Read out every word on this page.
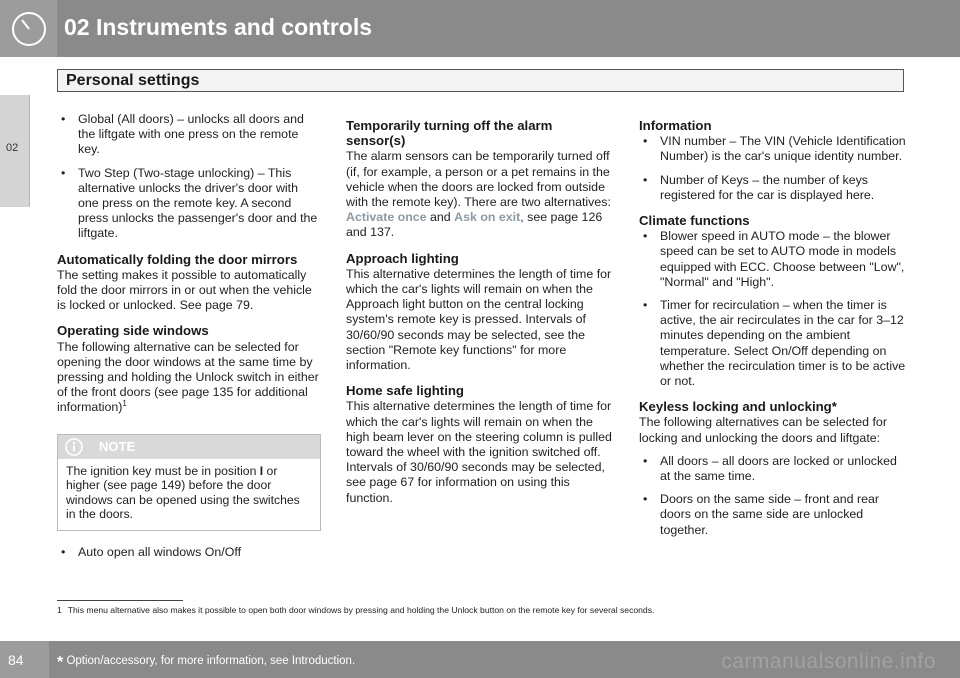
02 Instruments and controls
Personal settings
02
• Global (All doors) – unlocks all doors and the liftgate with one press on the remote key.
• Two Step (Two-stage unlocking) – This alternative unlocks the driver's door with one press on the remote key. A second press unlocks the passenger's door and the liftgate.
Automatically folding the door mirrors

The setting makes it possible to automatically fold the door mirrors in or out when the vehicle is locked or unlocked. See page 79.

Operating side windows

The following alternative can be selected for opening the door windows at the same time by pressing and holding the Unlock switch in either of the front doors (see page 135 for additional information)$^1$

NOTE
The ignition key must be in position I or higher (see page 149) before the door windows can be opened using the switches in the doors.
• Auto open all windows On/Off
Temporarily turning off the alarm sensor(s)

The alarm sensors can be temporarily turned off (if, for example, a person or a pet remains in the vehicle when the doors are locked from outside with the remote key). There are two alternatives: Activate once and Ask on exit, see page 126 and 137.

Approach lighting

This alternative determines the length of time for which the car's lights will remain on when the Approach light button on the central locking system's remote key is pressed. Intervals of 30/60/90 seconds may be selected, see the section "Remote key functions" for more information.

Home safe lighting

This alternative determines the length of time for which the car's lights will remain on when the high beam lever on the steering column is pulled toward the wheel with the ignition switched off. Intervals of 30/60/90 seconds may be selected, see page 67 for information on using this function.

Information
• VIN number – The VIN (Vehicle Identification Number) is the car's unique identity number.
• Number of Keys – the number of keys registered for the car is displayed here.
Climate functions
• Blower speed in AUTO mode – the blower speed can be set to AUTO mode in models equipped with ECC. Choose between "Low", "Normal" and "High".
• Timer for recirculation – when the timer is active, the air recirculates in the car for 3–12 minutes depending on the ambient temperature. Select On/Off depending on whether the recirculation timer is to be active or not.
Keyless locking and unlocking*

The following alternatives can be selected for locking and unlocking the doors and liftgate:

• All doors – all doors are locked or unlocked at the same time.
• Doors on the same side – front and rear doors on the same side are unlocked together.
1 This menu alternative also makes it possible to open both door windows by pressing and holding the Unlock button on the remote key for several seconds.
84 * Option/accessory, for more information, see Introduction.	carmanualsonline.info
